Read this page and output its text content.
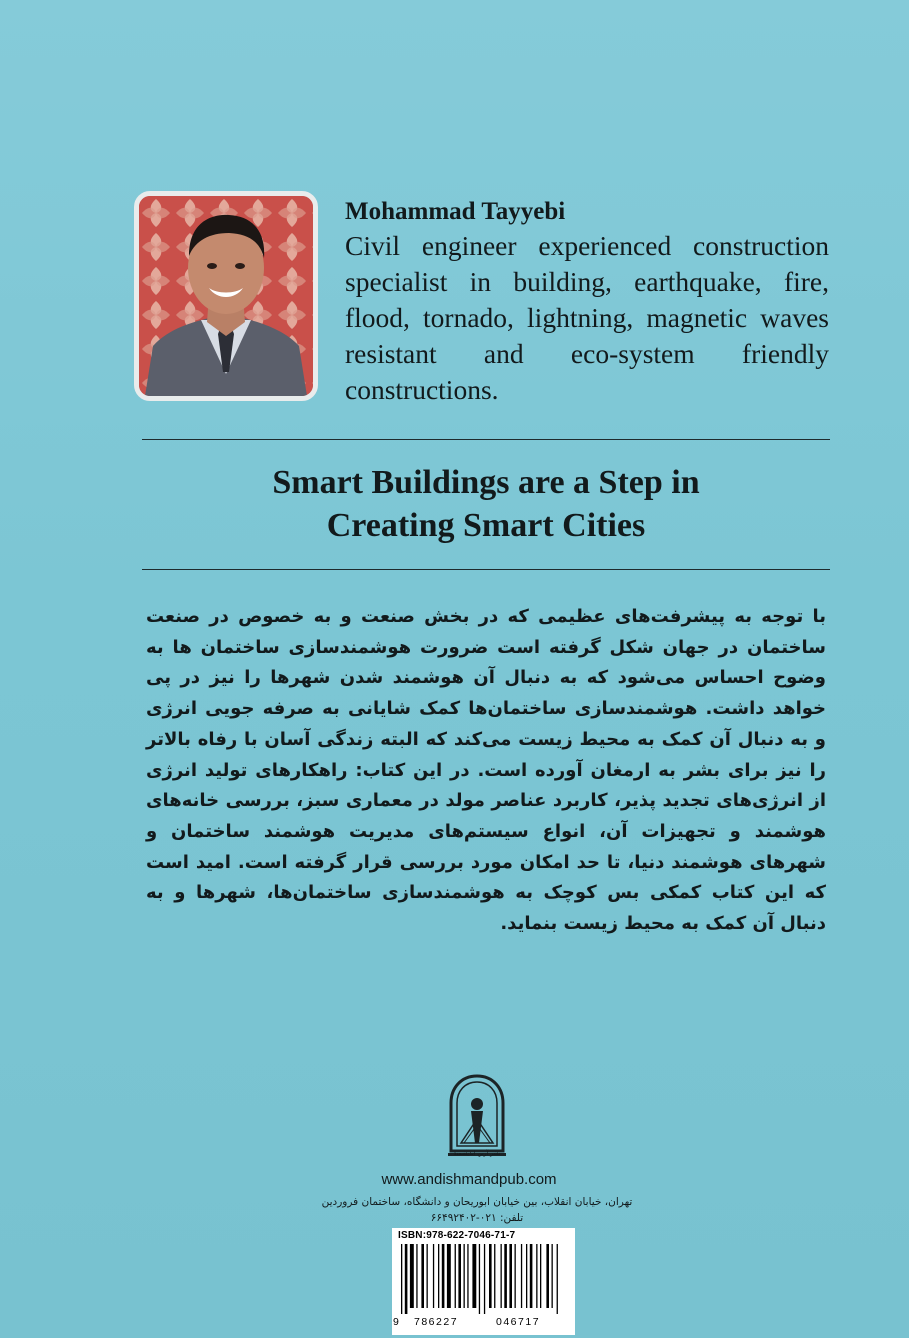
Mohammad Tayyebi

Civil engineer experienced construction specialist in building, earthquake, fire, flood, tornado, lightning, magnetic waves resistant and eco-system friendly constructions.

Smart Buildings are a Step in
Creating Smart Cities

با توجه به پیشرفت‌های عظیمی که در بخش صنعت و به خصوص در صنعت ساختمان در جهان شکل گرفته است ضرورت هوشمندسازی ساختمان ها به وضوح احساس می‌شود که به دنبال آن هوشمند شدن شهرها را نیز در پی خواهد داشت. هوشمندسازی ساختمان‌ها کمک شایانی به صرفه جویی انرژی و به دنبال آن کمک به محیط زیست می‌کند که البته زندگی آسان با رفاه بالاتر را نیز برای بشر به ارمغان آورده است. در این کتاب: راهکارهای تولید انرژی از انرژی‌های تجدید پذیر، کاربرد عناصر مولد در معماری سبز، بررسی خانه‌های هوشمند و تجهیزات آن، انواع سیستم‌های مدیریت هوشمند ساختمان و شهرهای هوشمند دنیا، تا حد امکان مورد بررسی قرار گرفته است. امید است که این کتاب کمکی بس کوچک به هوشمندسازی ساختمان‌ها، شهرها و به دنبال آن کمک به محیط زیست بنماید.

نشر آرین اندیشمند

www.andishmandpub.com

تهران، خیابان انقلاب، بین خیابان ابوریحان و دانشگاه، ساختمان فروردین

تلفن: ۰۲۱-۶۶۴۹۲۴۰۲

ISBN:978-622-7046-71-7
9 786227	046717
